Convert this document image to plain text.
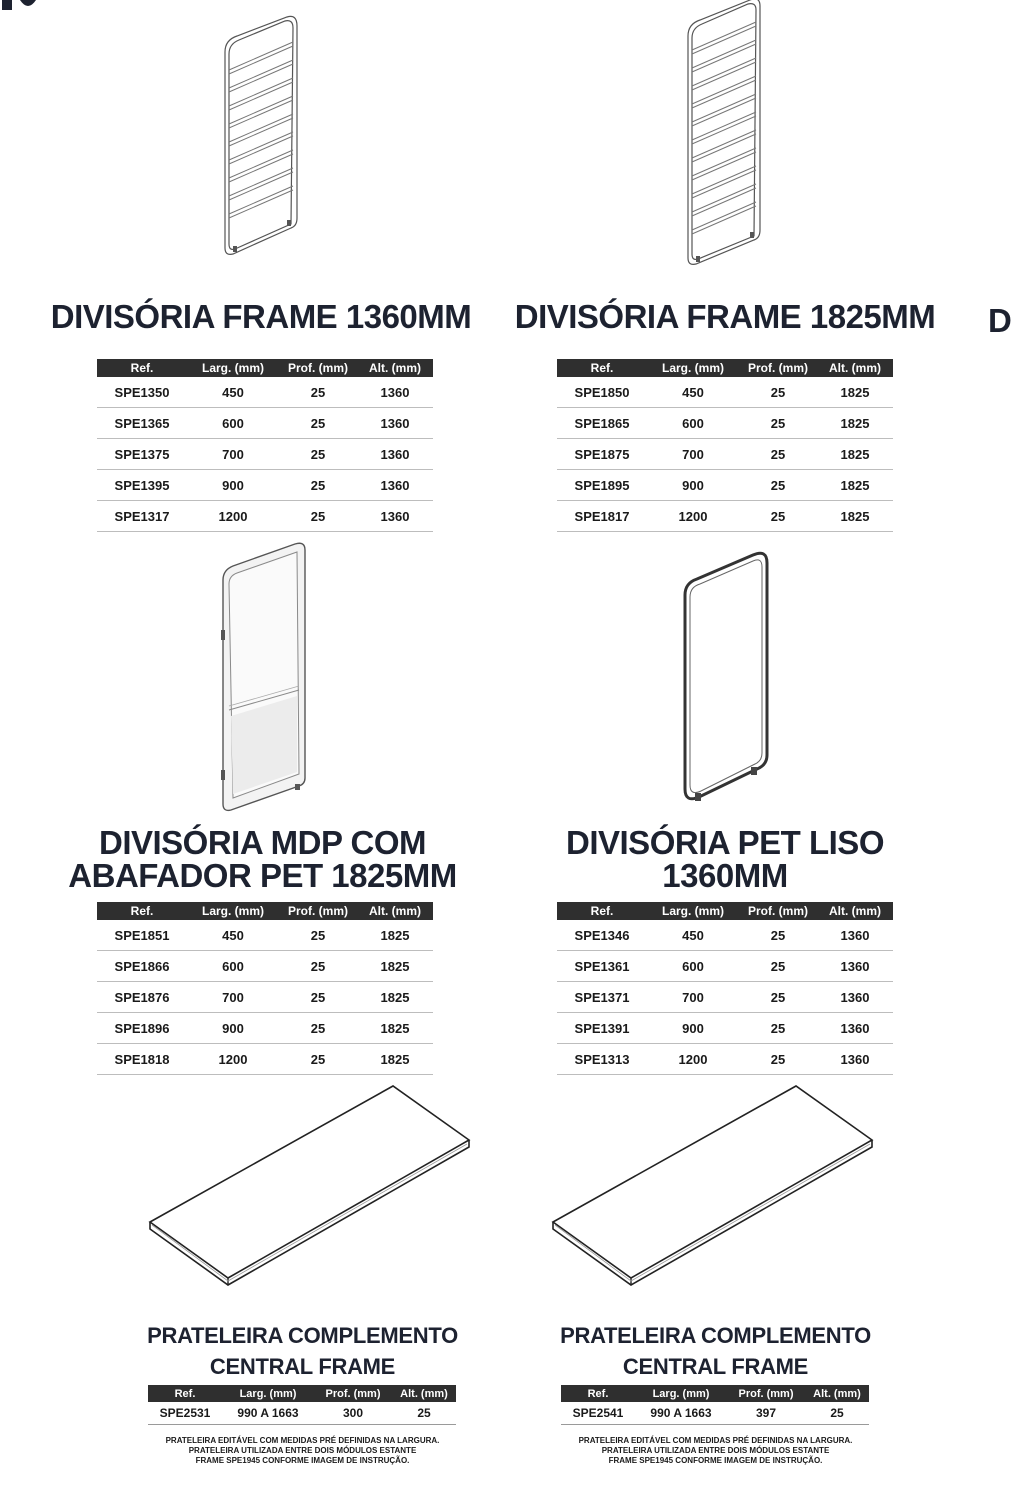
DIVISÓRIA FRAME 1360MM
Ref.	Larg. (mm)	Prof. (mm)	Alt. (mm)
SPE1350	450	25	1360
SPE1365	600	25	1360
SPE1375	700	25	1360
SPE1395	900	25	1360
SPE1317	1200	25	1360
DIVISÓRIA FRAME 1825MM
Ref.	Larg. (mm)	Prof. (mm)	Alt. (mm)
SPE1850	450	25	1825
SPE1865	600	25	1825
SPE1875	700	25	1825
SPE1895	900	25	1825
SPE1817	1200	25	1825
D
DIVISÓRIA MDP COM
ABAFADOR PET 1825MM
Ref.	Larg. (mm)	Prof. (mm)	Alt. (mm)
SPE1851	450	25	1825
SPE1866	600	25	1825
SPE1876	700	25	1825
SPE1896	900	25	1825
SPE1818	1200	25	1825
DIVISÓRIA PET LISO
1360MM
Ref.	Larg. (mm)	Prof. (mm)	Alt. (mm)
SPE1346	450	25	1360
SPE1361	600	25	1360
SPE1371	700	25	1360
SPE1391	900	25	1360
SPE1313	1200	25	1360
PRATELEIRA COMPLEMENTO
CENTRAL FRAME
Ref.	Larg. (mm)	Prof. (mm)	Alt. (mm)
SPE2531	990 A 1663	300	25
PRATELEIRA EDITÁVEL COM MEDIDAS PRÉ DEFINIDAS NA LARGURA.
PRATELEIRA UTILIZADA ENTRE DOIS MÓDULOS ESTANTE
FRAME SPE1945 CONFORME IMAGEM DE INSTRUÇÃO.
PRATELEIRA COMPLEMENTO
CENTRAL FRAME
Ref.	Larg. (mm)	Prof. (mm)	Alt. (mm)
SPE2541	990 A 1663	397	25
PRATELEIRA EDITÁVEL COM MEDIDAS PRÉ DEFINIDAS NA LARGURA.
PRATELEIRA UTILIZADA ENTRE DOIS MÓDULOS ESTANTE
FRAME SPE1945 CONFORME IMAGEM DE INSTRUÇÃO.
